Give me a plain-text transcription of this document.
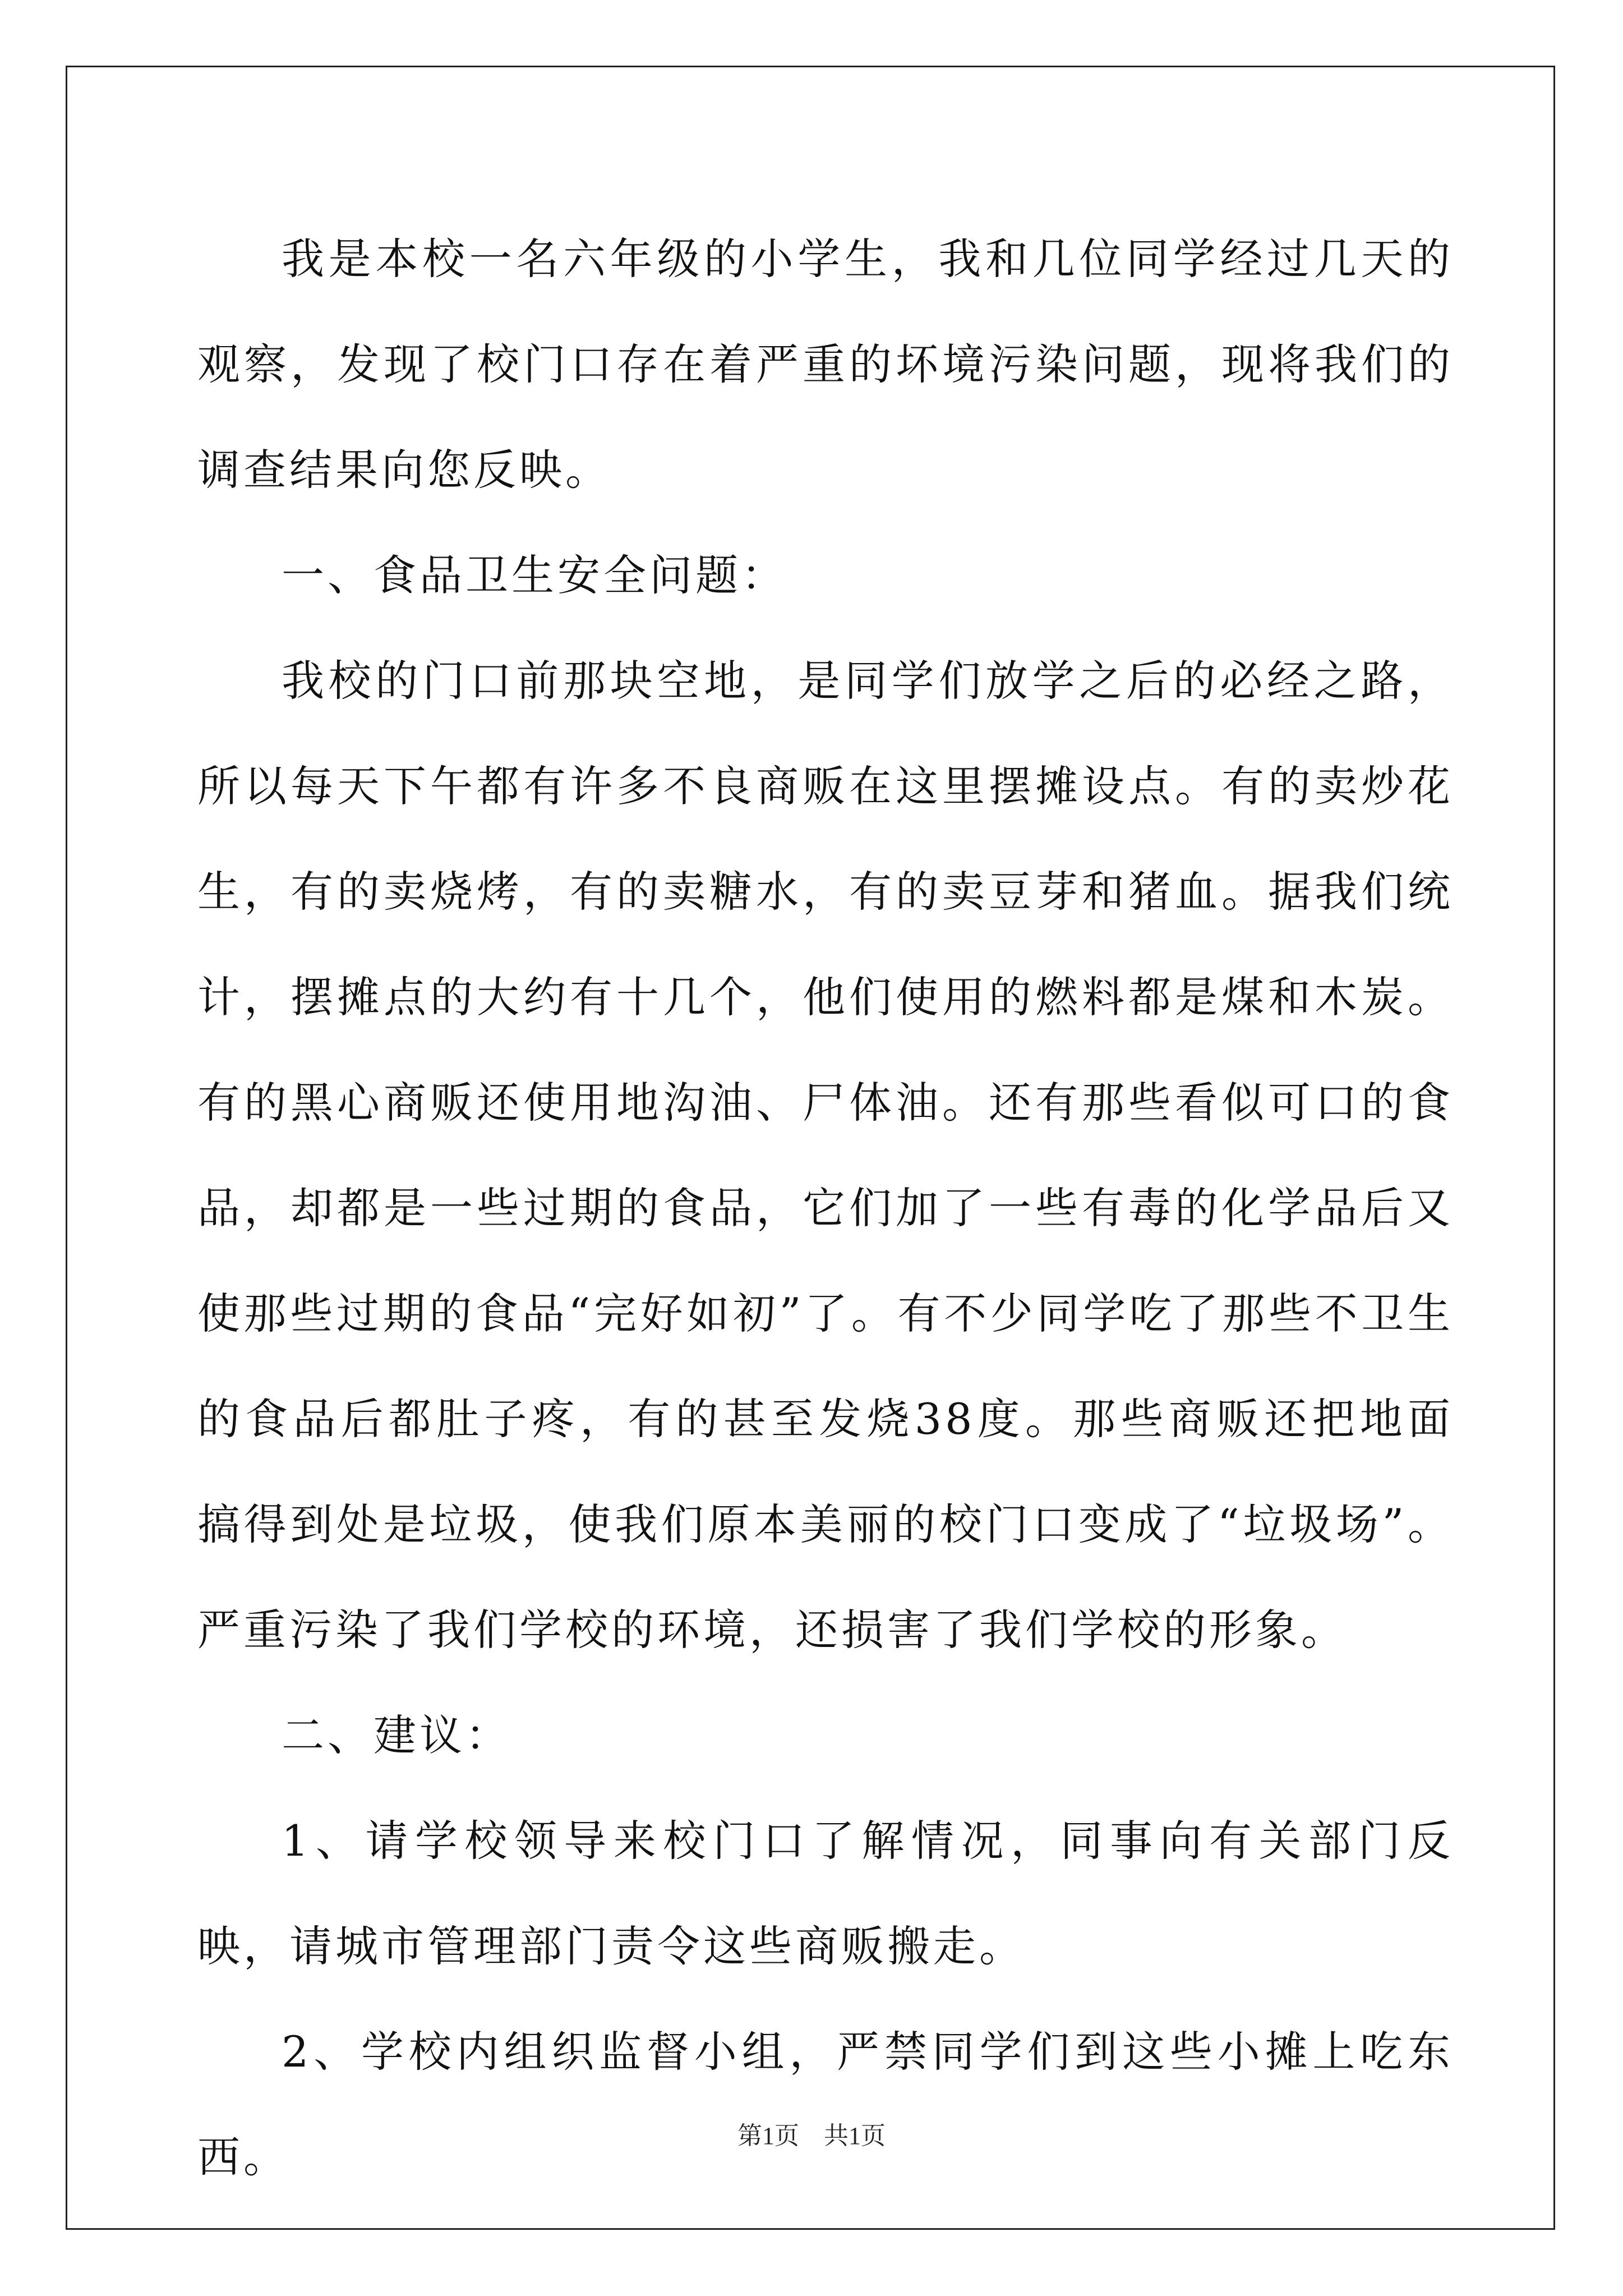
我是本校一名六年级的小学生，我和几位同学经过几天的观察，发现了校门口存在着严重的坏境污染问题，现将我们的调查结果向您反映。

一、食品卫生安全问题：

我校的门口前那块空地，是同学们放学之后的必经之路，所以每天下午都有许多不良商贩在这里摆摊设点。有的卖炒花生，有的卖烧烤，有的卖糖水，有的卖豆芽和猪血。据我们统计，摆摊点的大约有十几个，他们使用的燃料都是煤和木炭。有的黑心商贩还使用地沟油、尸体油。还有那些看似可口的食品，却都是一些过期的食品，它们加了一些有毒的化学品后又使那些过期的食品“完好如初”了。有不少同学吃了那些不卫生的食品后都肚子疼，有的甚至发烧38度。那些商贩还把地面搞得到处是垃圾，使我们原本美丽的校门口变成了“垃圾场”。严重污染了我们学校的环境，还损害了我们学校的形象。

二、建议：

1、请学校领导来校门口了解情况，同事向有关部门反映，请城市管理部门责令这些商贩搬走。

2、学校内组织监督小组，严禁同学们到这些小摊上吃东西。	第1页　共1页
